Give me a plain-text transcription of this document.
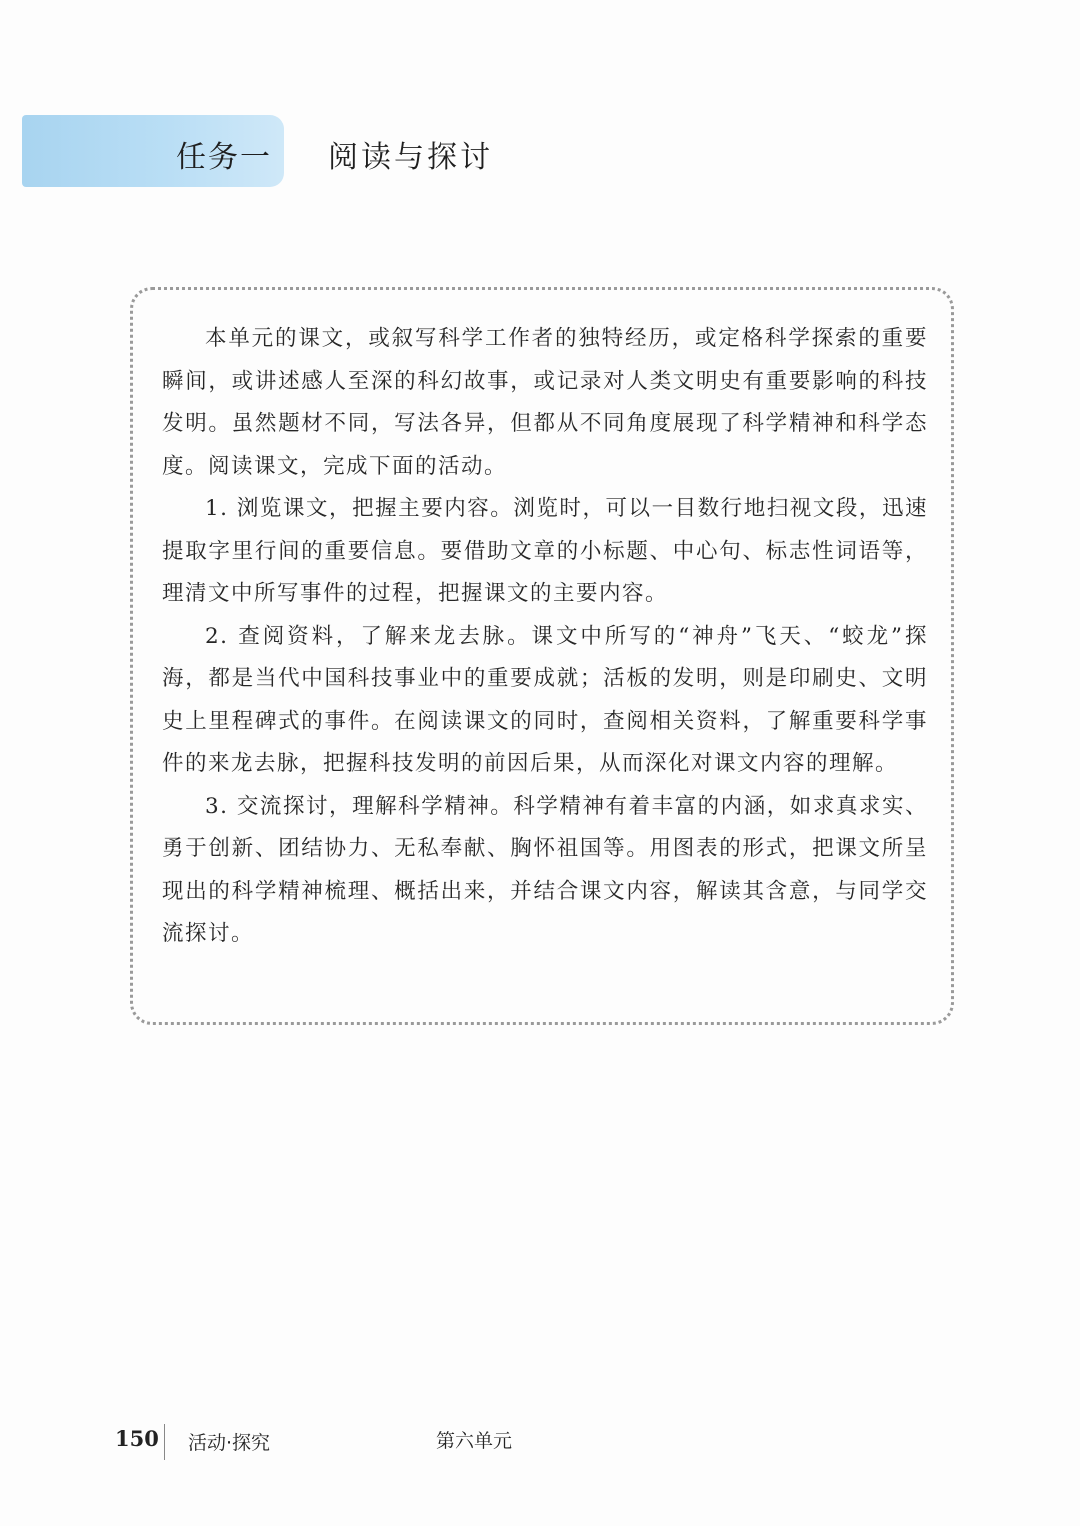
任务一 阅读与探讨

本单元的课文，或叙写科学工作者的独特经历，或定格科学探索的重要瞬间，或讲述感人至深的科幻故事，或记录对人类文明史有重要影响的科技发明。虽然题材不同，写法各异，但都从不同角度展现了科学精神和科学态度。阅读课文，完成下面的活动。

1. 浏览课文，把握主要内容。浏览时，可以一目数行地扫视文段，迅速提取字里行间的重要信息。要借助文章的小标题、中心句、标志性词语等，理清文中所写事件的过程，把握课文的主要内容。

2. 查阅资料，了解来龙去脉。课文中所写的“神舟”飞天、“蛟龙”探海，都是当代中国科技事业中的重要成就；活板的发明，则是印刷史、文明史上里程碑式的事件。在阅读课文的同时，查阅相关资料，了解重要科学事件的来龙去脉，把握科技发明的前因后果，从而深化对课文内容的理解。

3. 交流探讨，理解科学精神。科学精神有着丰富的内涵，如求真求实、勇于创新、团结协力、无私奉献、胸怀祖国等。用图表的形式，把课文所呈现出的科学精神梳理、概括出来，并结合课文内容，解读其含意，与同学交流探讨。

150 活动·探究	第六单元
